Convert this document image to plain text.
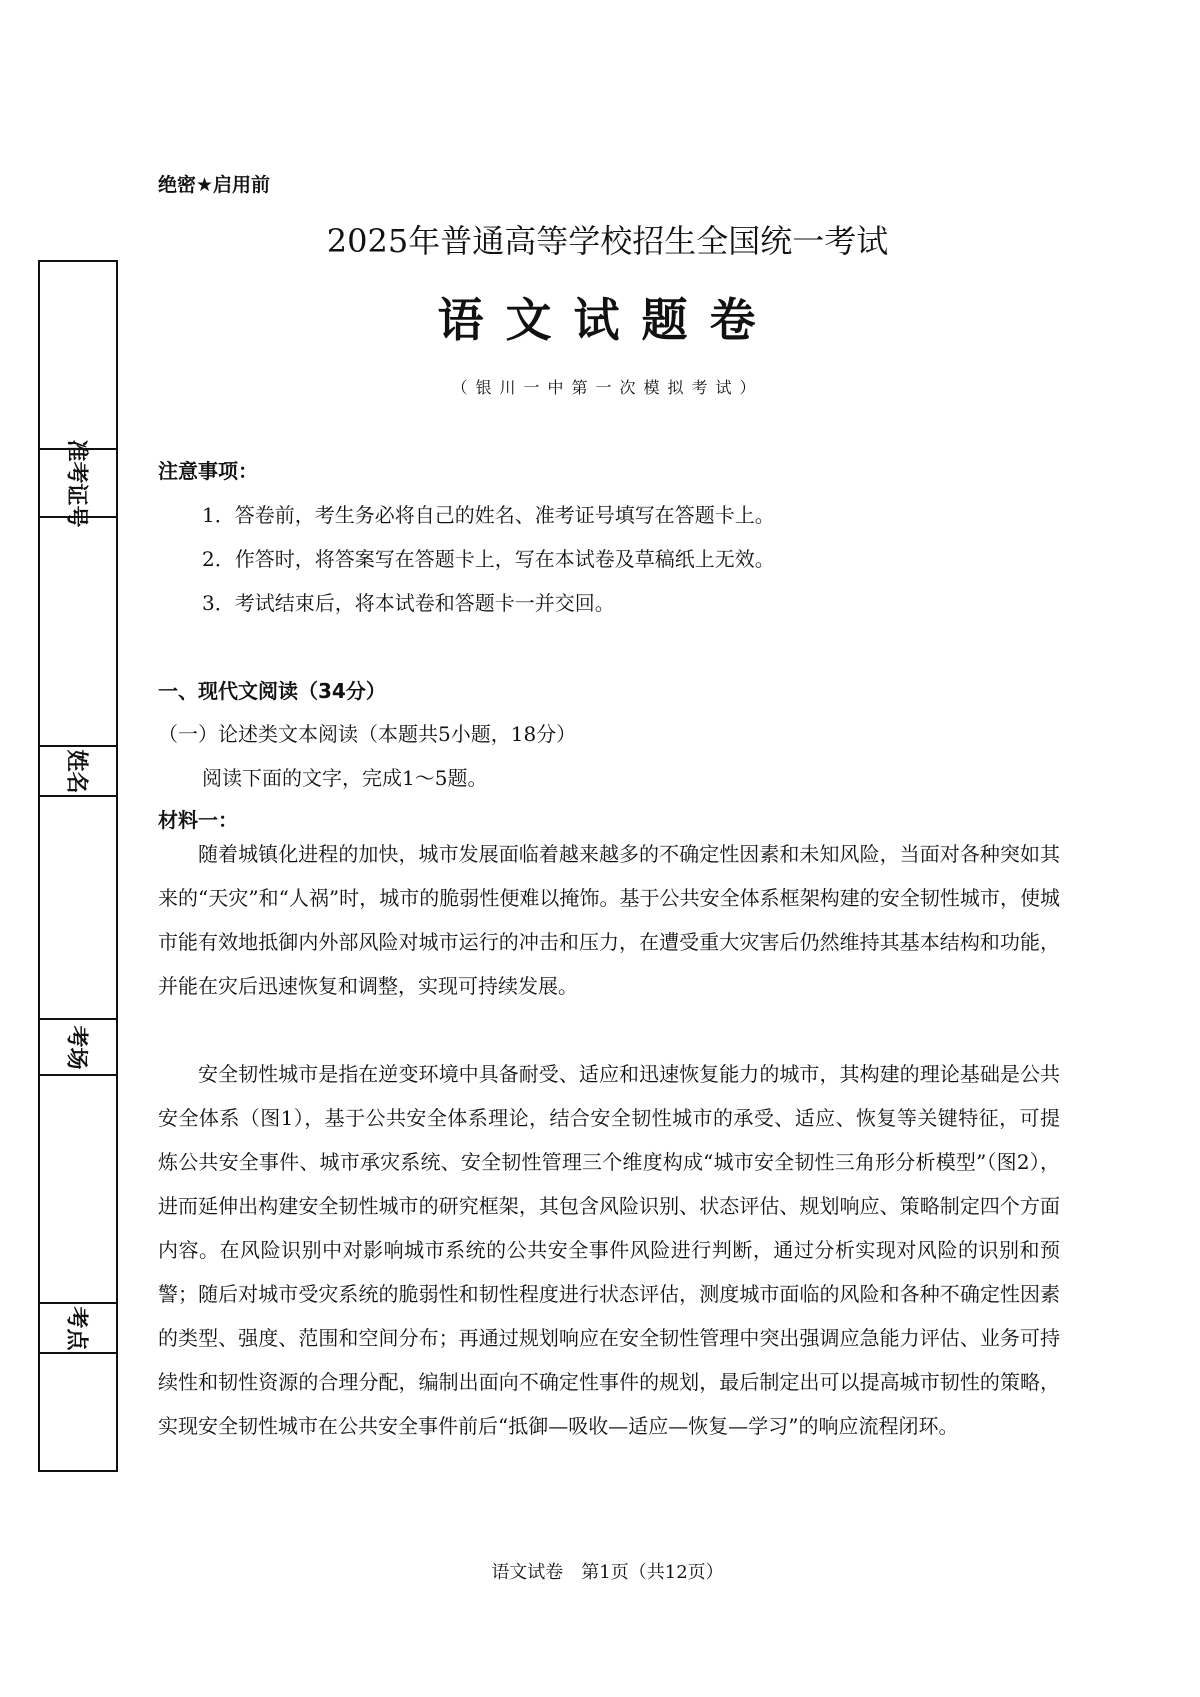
准考证号
姓名
考场
考点
绝密★启用前
2025年普通高等学校招生全国统一考试
语文试题卷
（银川一中第一次模拟考试）
注意事项：
1．答卷前，考生务必将自己的姓名、准考证号填写在答题卡上。
2．作答时，将答案写在答题卡上，写在本试卷及草稿纸上无效。
3．考试结束后，将本试卷和答题卡一并交回。
一、现代文阅读（34分）
（一）论述类文本阅读（本题共5小题，18分）
阅读下面的文字，完成1～5题。
材料一：

随着城镇化进程的加快，城市发展面临着越来越多的不确定性因素和未知风险，当面对各种突如其来的“天灾”和“人祸”时，城市的脆弱性便难以掩饰。基于公共安全体系框架构建的安全韧性城市，使城市能有效地抵御内外部风险对城市运行的冲击和压力，在遭受重大灾害后仍然维持其基本结构和功能，并能在灾后迅速恢复和调整，实现可持续发展。

安全韧性城市是指在逆变环境中具备耐受、适应和迅速恢复能力的城市，其构建的理论基础是公共安全体系（图1），基于公共安全体系理论，结合安全韧性城市的承受、适应、恢复等关键特征，可提炼公共安全事件、城市承灾系统、安全韧性管理三个维度构成“城市安全韧性三角形分析模型”（图2），进而延伸出构建安全韧性城市的研究框架，其包含风险识别、状态评估、规划响应、策略制定四个方面内容。在风险识别中对影响城市系统的公共安全事件风险进行判断，通过分析实现对风险的识别和预警；随后对城市受灾系统的脆弱性和韧性程度进行状态评估，测度城市面临的风险和各种不确定性因素的类型、强度、范围和空间分布；再通过规划响应在安全韧性管理中突出强调应急能力评估、业务可持续性和韧性资源的合理分配，编制出面向不确定性事件的规划，最后制定出可以提高城市韧性的策略，实现安全韧性城市在公共安全事件前后“抵御—吸收—适应—恢复—学习”的响应流程闭环。

语文试卷　第1页（共12页）
